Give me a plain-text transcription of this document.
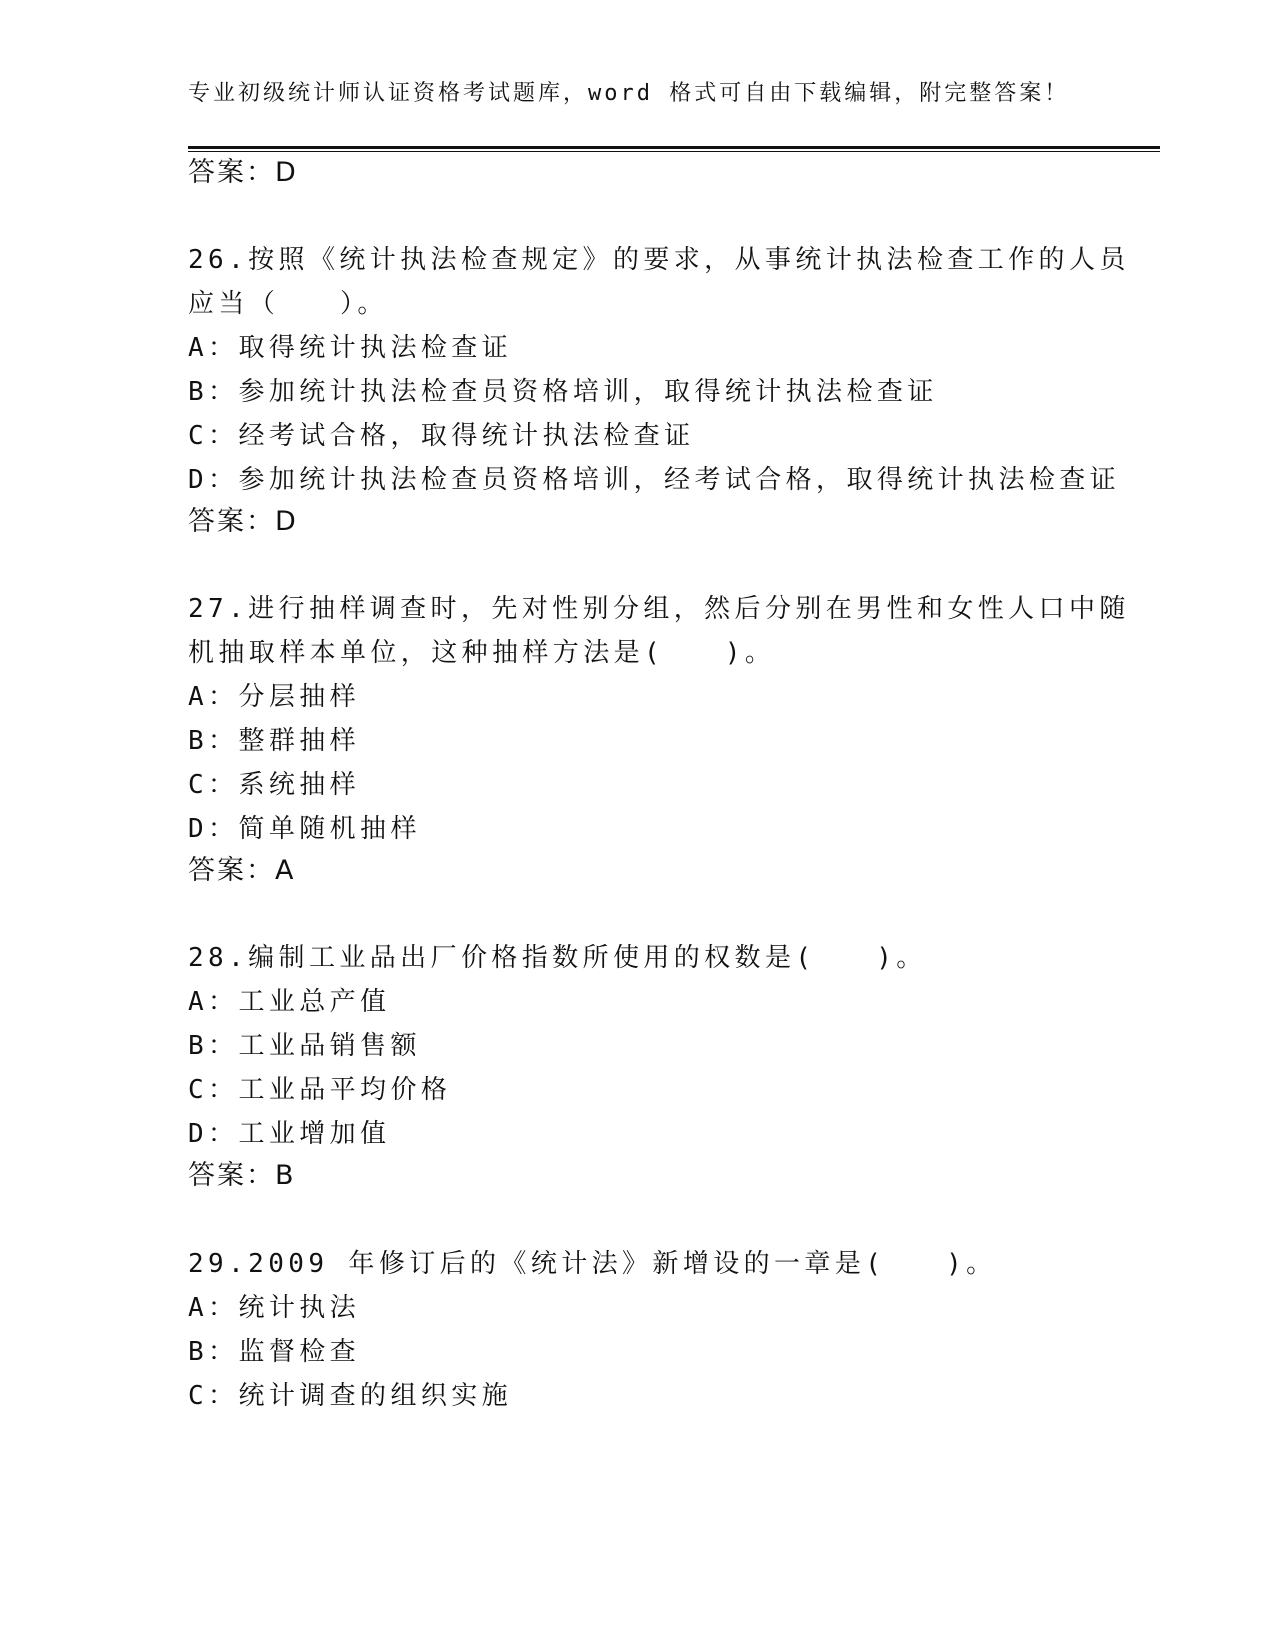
专业初级统计师认证资格考试题库，word 格式可自由下载编辑，附完整答案！
答案：D
26.按照《统计执法检查规定》的要求，从事统计执法检查工作的人员
应当（　　）。
A：取得统计执法检查证
B：参加统计执法检查员资格培训，取得统计执法检查证
C：经考试合格，取得统计执法检查证
D：参加统计执法检查员资格培训，经考试合格，取得统计执法检查证
答案：D
27.进行抽样调查时，先对性别分组，然后分别在男性和女性人口中随
机抽取样本单位，这种抽样方法是(　　)。
A：分层抽样
B：整群抽样
C：系统抽样
D：简单随机抽样
答案：A
28.编制工业品出厂价格指数所使用的权数是(　　)。
A：工业总产值
B：工业品销售额
C：工业品平均价格
D：工业增加值
答案：B
29.2009 年修订后的《统计法》新增设的一章是(　　)。
A：统计执法
B：监督检查
C：统计调查的组织实施
